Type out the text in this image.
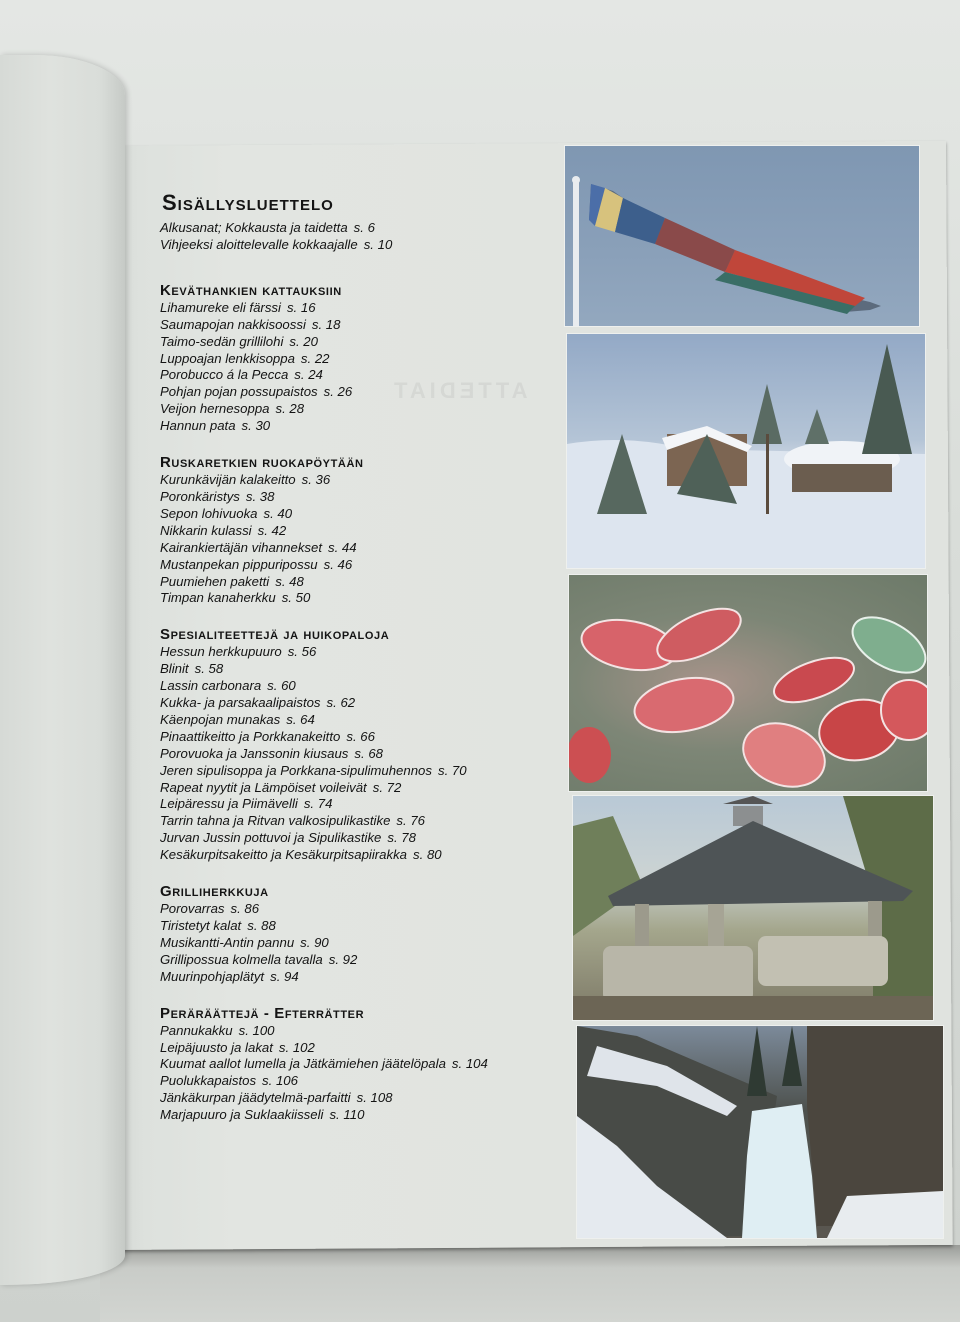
ATTEDIAT
Sisällysluettelo
Alkusanat; Kokkausta ja taidetta s. 6
Vihjeeksi aloittelevalle kokkaajalle s. 10
Keväthankien kattauksiin
Lihamureke eli färssi s. 16
Saumapojan nakkisoossi s. 18
Taimo-sedän grillilohi s. 20
Luppoajan lenkkisoppa s. 22
Porobucco á la Pecca s. 24
Pohjan pojan possupaistos s. 26
Veijon hernesoppa s. 28
Hannun pata s. 30
Ruskaretkien ruokapöytään
Kurunkävijän kalakeitto s. 36
Poronkäristys s. 38
Sepon lohivuoka s. 40
Nikkarin kulassi s. 42
Kairankiertäjän vihannekset s. 44
Mustanpekan pippuripossu s. 46
Puumiehen paketti s. 48
Timpan kanaherkku s. 50
Spesialiteettejä ja huikopaloja
Hessun herkkupuuro s. 56
Blinit s. 58
Lassin carbonara s. 60
Kukka- ja parsakaalipaistos s. 62
Käenpojan munakas s. 64
Pinaattikeitto ja Porkkanakeitto s. 66
Porovuoka ja Janssonin kiusaus s. 68
Jeren sipulisoppa ja Porkkana-sipulimuhennos s. 70
Rapeat nyytit ja Lämpöiset voileivät s. 72
Leipäressu ja Piimävelli s. 74
Tarrin tahna ja Ritvan valkosipulikastike s. 76
Jurvan Jussin pottuvoi ja Sipulikastike s. 78
Kesäkurpitsakeitto ja Kesäkurpitsapiirakka s. 80
Grilliherkkuja
Porovarras s. 86
Tiristetyt kalat s. 88
Musikantti-Antin pannu s. 90
Grillipossua kolmella tavalla s. 92
Muurinpohjaplätyt s. 94
Peräräättejä - Efterrätter
Pannukakku s. 100
Leipäjuusto ja lakat s. 102
Kuumat aallot lumella ja Jätkämiehen jäätelöpala s. 104
Puolukkapaistos s. 106
Jänkäkurpan jäädytelmä-parfaitti s. 108
Marjapuuro ja Suklaakiisseli s. 110
